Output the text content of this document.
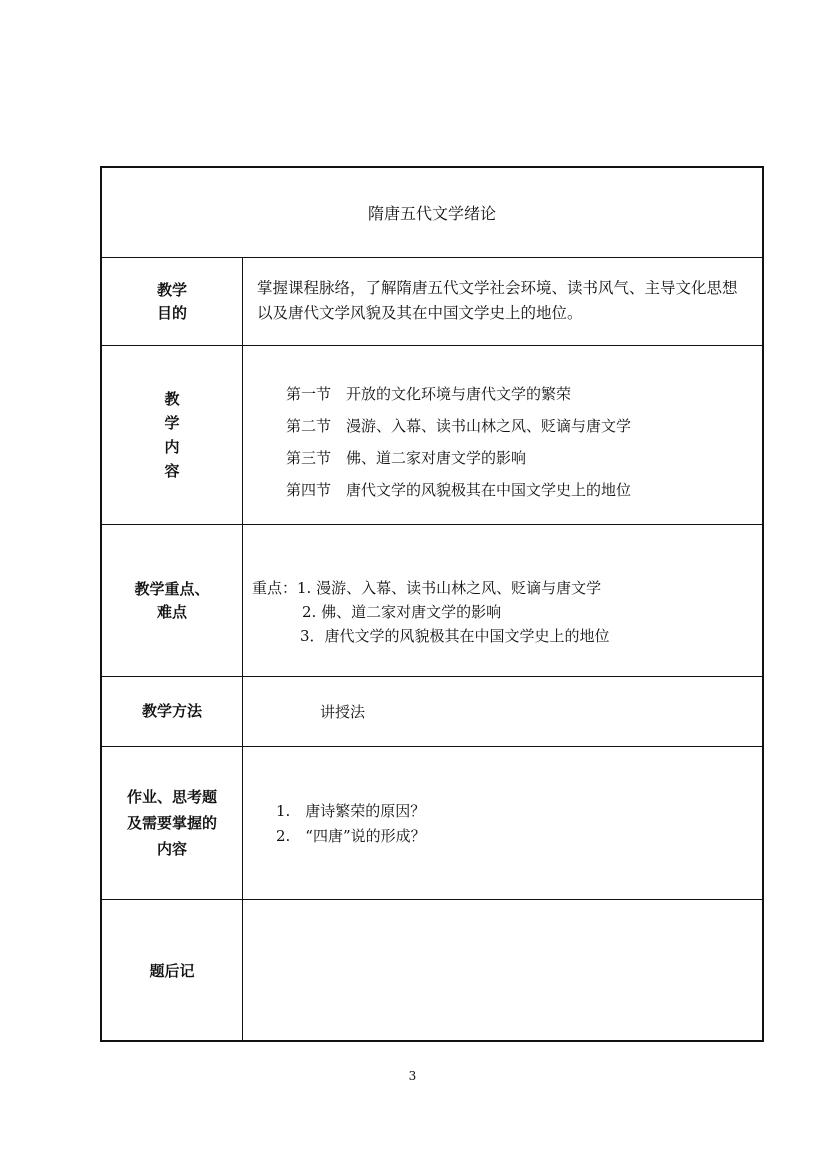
隋唐五代文学绪论
教学
目的
掌握课程脉络，了解隋唐五代文学社会环境、读书风气、主导文化思想以及唐代文学风貌及其在中国文学史上的地位。
教
学
内
容
第一节　开放的文化环境与唐代文学的繁荣
第二节　漫游、入幕、读书山林之风、贬谪与唐文学
第三节　佛、道二家对唐文学的影响
第四节　唐代文学的风貌极其在中国文学史上的地位
教学重点、
难点
重点：1. 漫游、入幕、读书山林之风、贬谪与唐文学
2. 佛、道二家对唐文学的影响
3．唐代文学的风貌极其在中国文学史上的地位
教学方法	讲授法
作业、思考题
及需要掌握的
内容
1.　唐诗繁荣的原因？
2.　“四唐”说的形成？
题后记
3
